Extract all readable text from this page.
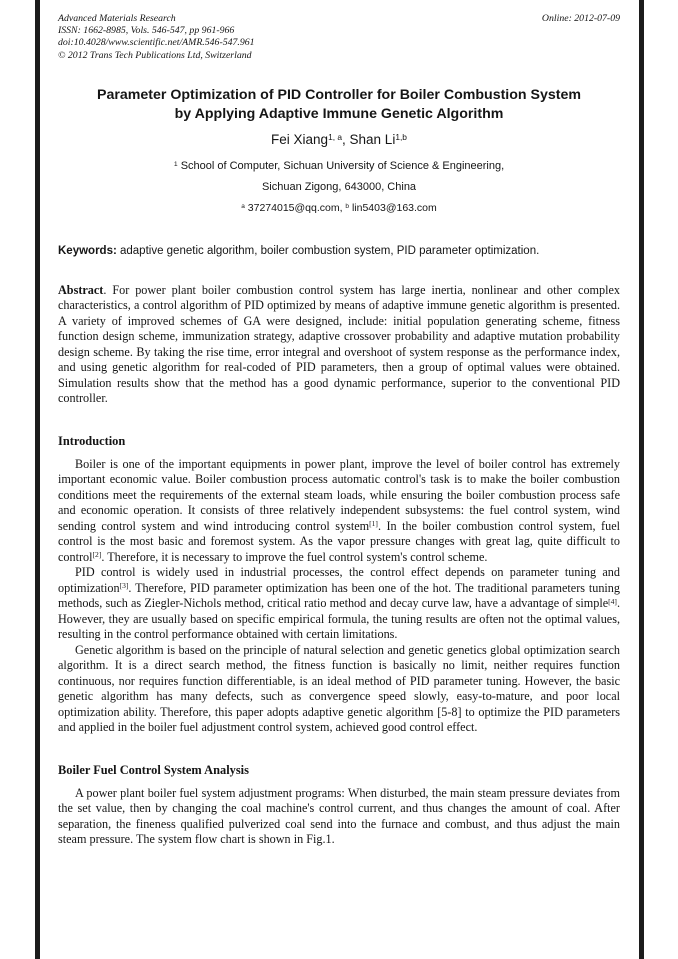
Advanced Materials Research
ISSN: 1662-8985, Vols. 546-547, pp 961-966
doi:10.4028/www.scientific.net/AMR.546-547.961
© 2012 Trans Tech Publications Ltd, Switzerland
Online: 2012-07-09
Parameter Optimization of PID Controller for Boiler Combustion System
by Applying Adaptive Immune Genetic Algorithm
Fei Xiang$^{1, a}$, Shan Li$^{1,b}$
$^1$ School of Computer, Sichuan University of Science & Engineering,
Sichuan Zigong, 643000, China
$^a$ 37274015@qq.com, $^b$ lin5403@163.com

Keywords: adaptive genetic algorithm, boiler combustion system, PID parameter optimization.

Abstract. For power plant boiler combustion control system has large inertia, nonlinear and other complex characteristics, a control algorithm of PID optimized by means of adaptive immune genetic algorithm is presented. A variety of improved schemes of GA were designed, include: initial population generating scheme, fitness function design scheme, immunization strategy, adaptive crossover probability and adaptive mutation probability design scheme. By taking the rise time, error integral and overshoot of system response as the performance index, and using genetic algorithm for real-coded of PID parameters, then a group of optimal values were obtained. Simulation results show that the method has a good dynamic performance, superior to the conventional PID controller.

Introduction

Boiler is one of the important equipments in power plant, improve the level of boiler control has extremely important economic value. Boiler combustion process automatic control's task is to make the boiler combustion conditions meet the requirements of the external steam loads, while ensuring the boiler combustion process safe and economic operation. It consists of three relatively independent subsystems: the fuel control system, wind sending control system and wind introducing control system[1]. In the boiler combustion control system, fuel control is the most basic and foremost system. As the vapor pressure changes with great lag, quite difficult to control[2]. Therefore, it is necessary to improve the fuel control system's control scheme.

PID control is widely used in industrial processes, the control effect depends on parameter tuning and optimization[3]. Therefore, PID parameter optimization has been one of the hot. The traditional parameters tuning methods, such as Ziegler-Nichols method, critical ratio method and decay curve law, have a advantage of simple[4]. However, they are usually based on specific empirical formula, the tuning results are often not the optimal values, resulting in the control performance obtained with certain limitations.

Genetic algorithm is based on the principle of natural selection and genetic genetics global optimization search algorithm. It is a direct search method, the fitness function is basically no limit, neither requires function continuous, nor requires function differentiable, is an ideal method of PID parameter tuning. However, the basic genetic algorithm has many defects, such as convergence speed slowly, easy-to-mature, and poor local optimization ability. Therefore, this paper adopts adaptive genetic algorithm [5-8] to optimize the PID parameters and applied in the boiler fuel adjustment control system, achieved good control effect.

Boiler Fuel Control System Analysis

A power plant boiler fuel system adjustment programs: When disturbed, the main steam pressure deviates from the set value, then by changing the coal machine's control current, and thus changes the amount of coal. After separation, the fineness qualified pulverized coal send into the furnace and combust, and thus adjust the main steam pressure. The system flow chart is shown in Fig.1.
